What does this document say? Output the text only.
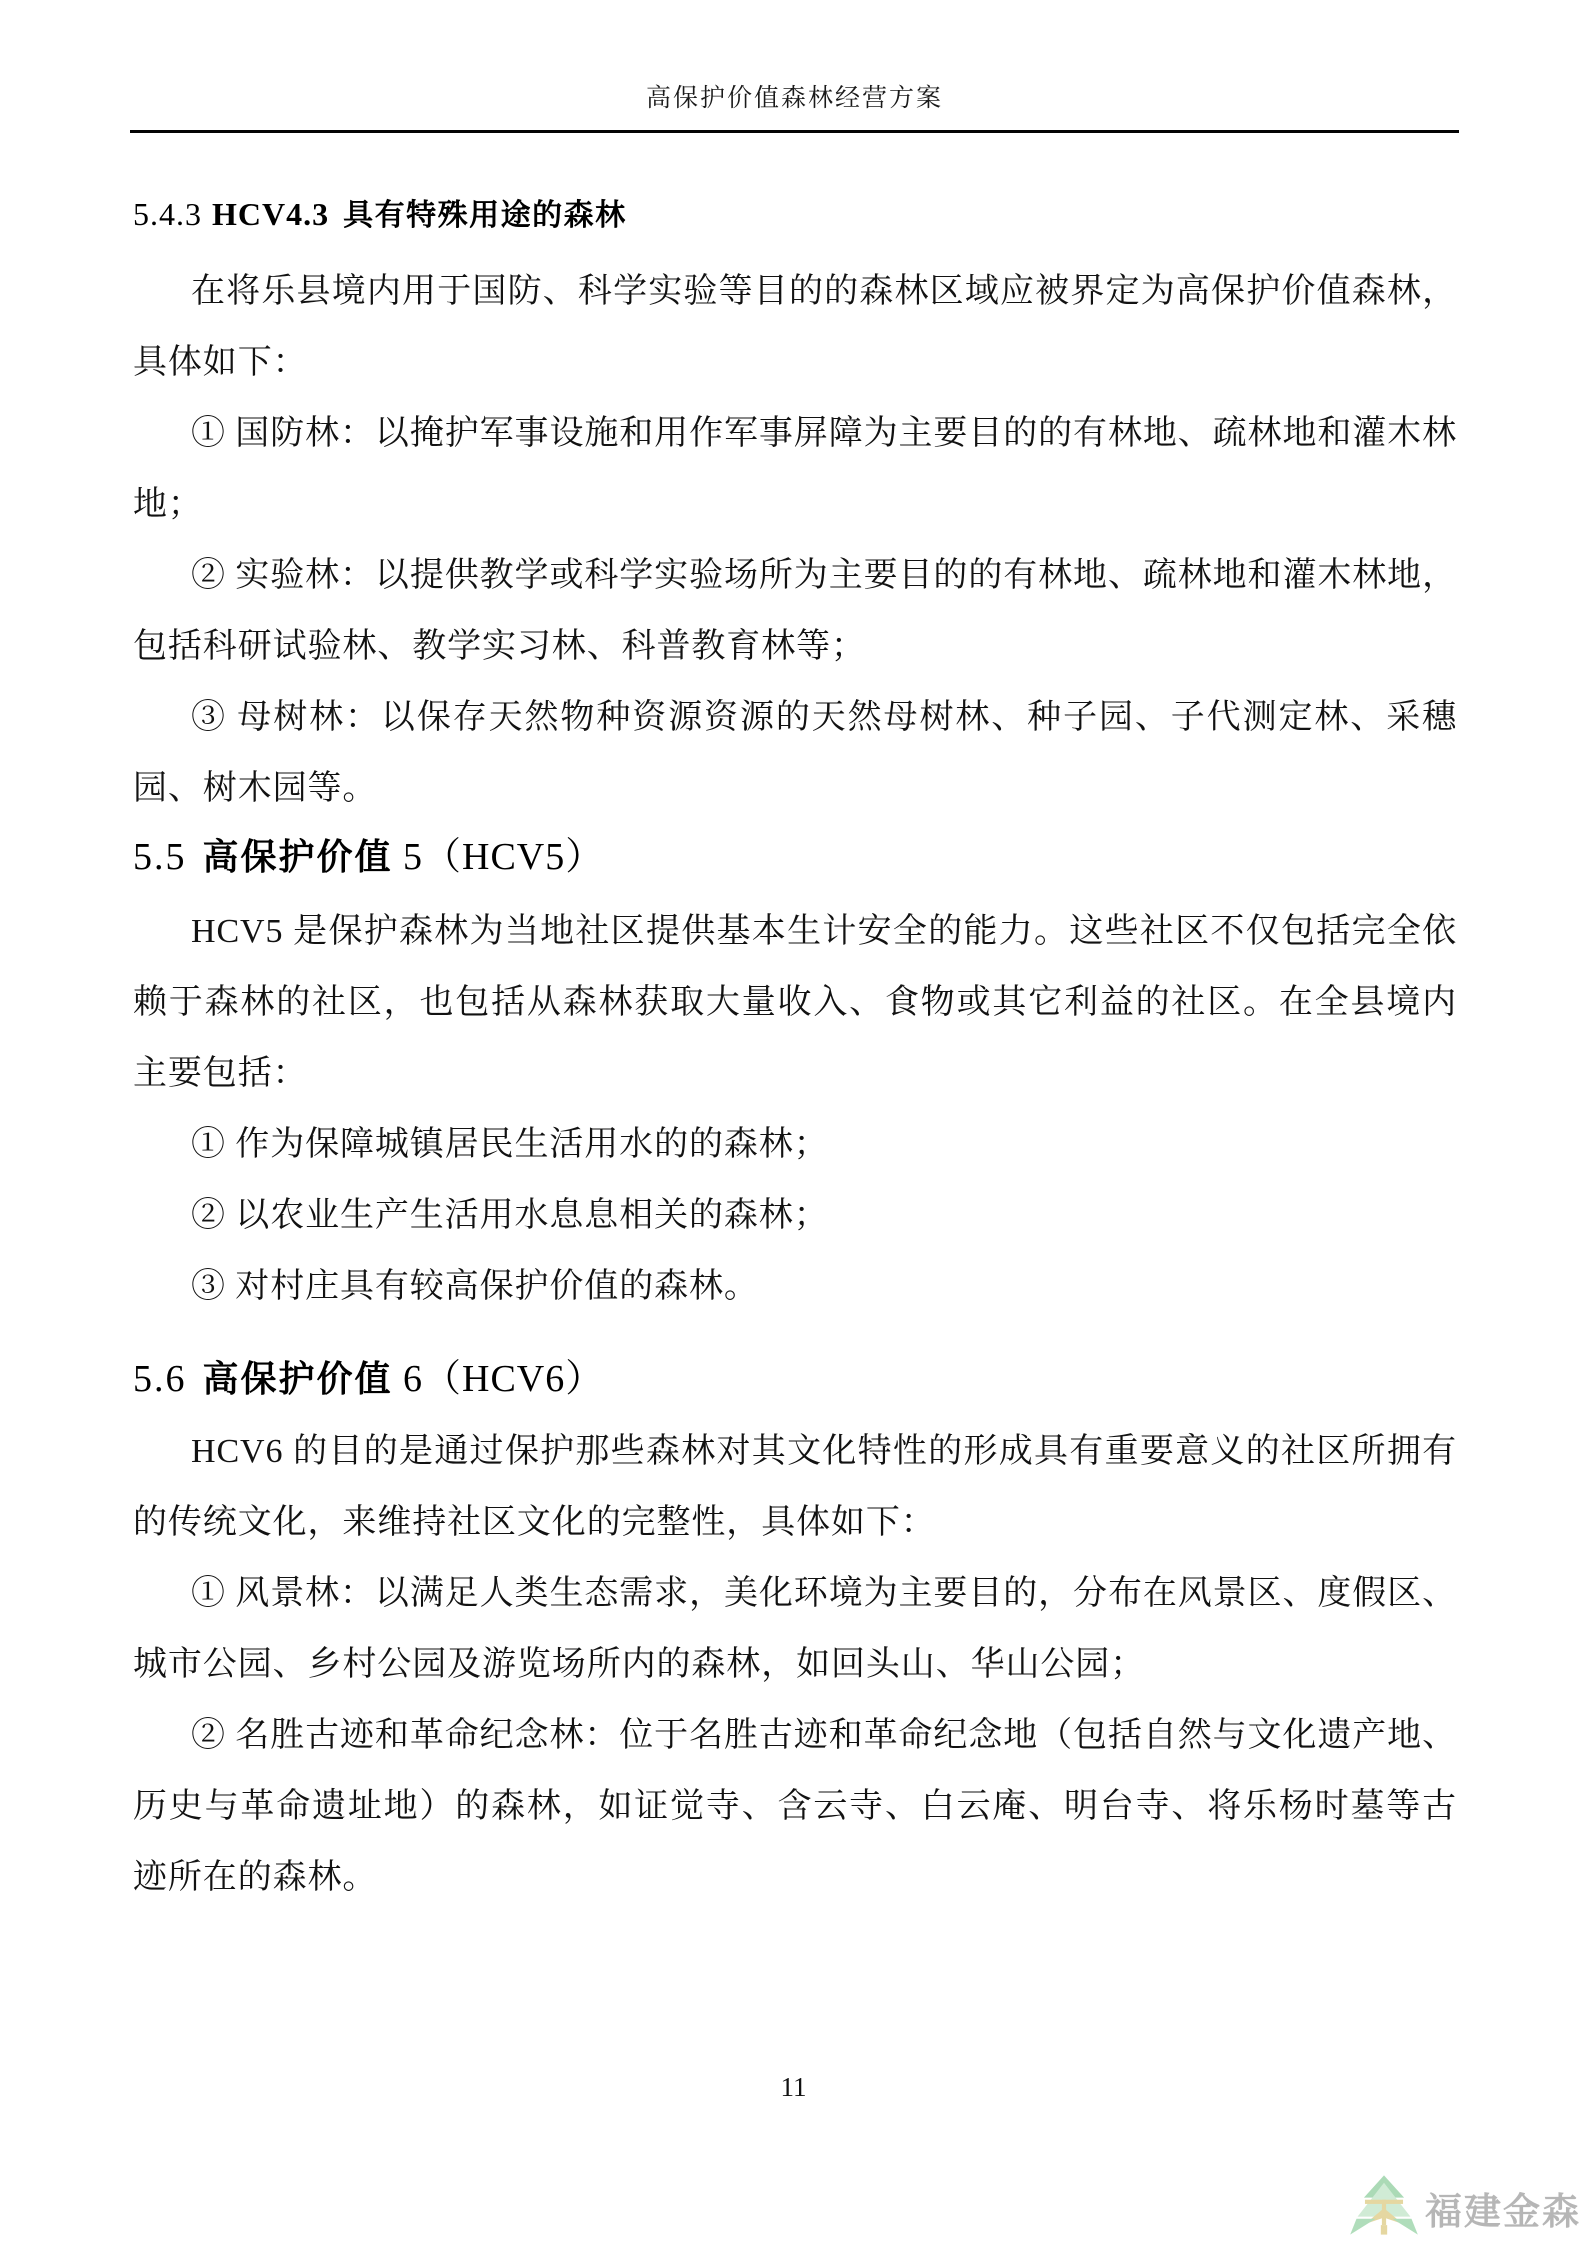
高保护价值森林经营方案
5.4.3 HCV4.3 具有特殊用途的森林

在将乐县境内用于国防、科学实验等目的的森林区域应被界定为高保护价值森林，具体如下：

① 国防林：以掩护军事设施和用作军事屏障为主要目的的有林地、疏林地和灌木林地；

② 实验林：以提供教学或科学实验场所为主要目的的有林地、疏林地和灌木林地，包括科研试验林、教学实习林、科普教育林等；

③ 母树林：以保存天然物种资源资源的天然母树林、种子园、子代测定林、采穗园、树木园等。

5.5 高保护价值 5（HCV5）

HCV5 是保护森林为当地社区提供基本生计安全的能力。这些社区不仅包括完全依赖于森林的社区，也包括从森林获取大量收入、食物或其它利益的社区。在全县境内主要包括：

① 作为保障城镇居民生活用水的的森林；

② 以农业生产生活用水息息相关的森林；

③ 对村庄具有较高保护价值的森林。

5.6 高保护价值 6（HCV6）

HCV6 的目的是通过保护那些森林对其文化特性的形成具有重要意义的社区所拥有的传统文化，来维持社区文化的完整性，具体如下：

① 风景林：以满足人类生态需求，美化环境为主要目的，分布在风景区、度假区、城市公园、乡村公园及游览场所内的森林，如回头山、华山公园；

② 名胜古迹和革命纪念林：位于名胜古迹和革命纪念地（包括自然与文化遗产地、历史与革命遗址地）的森林，如证觉寺、含云寺、白云庵、明台寺、将乐杨时墓等古迹所在的森林。

11
福建金森
